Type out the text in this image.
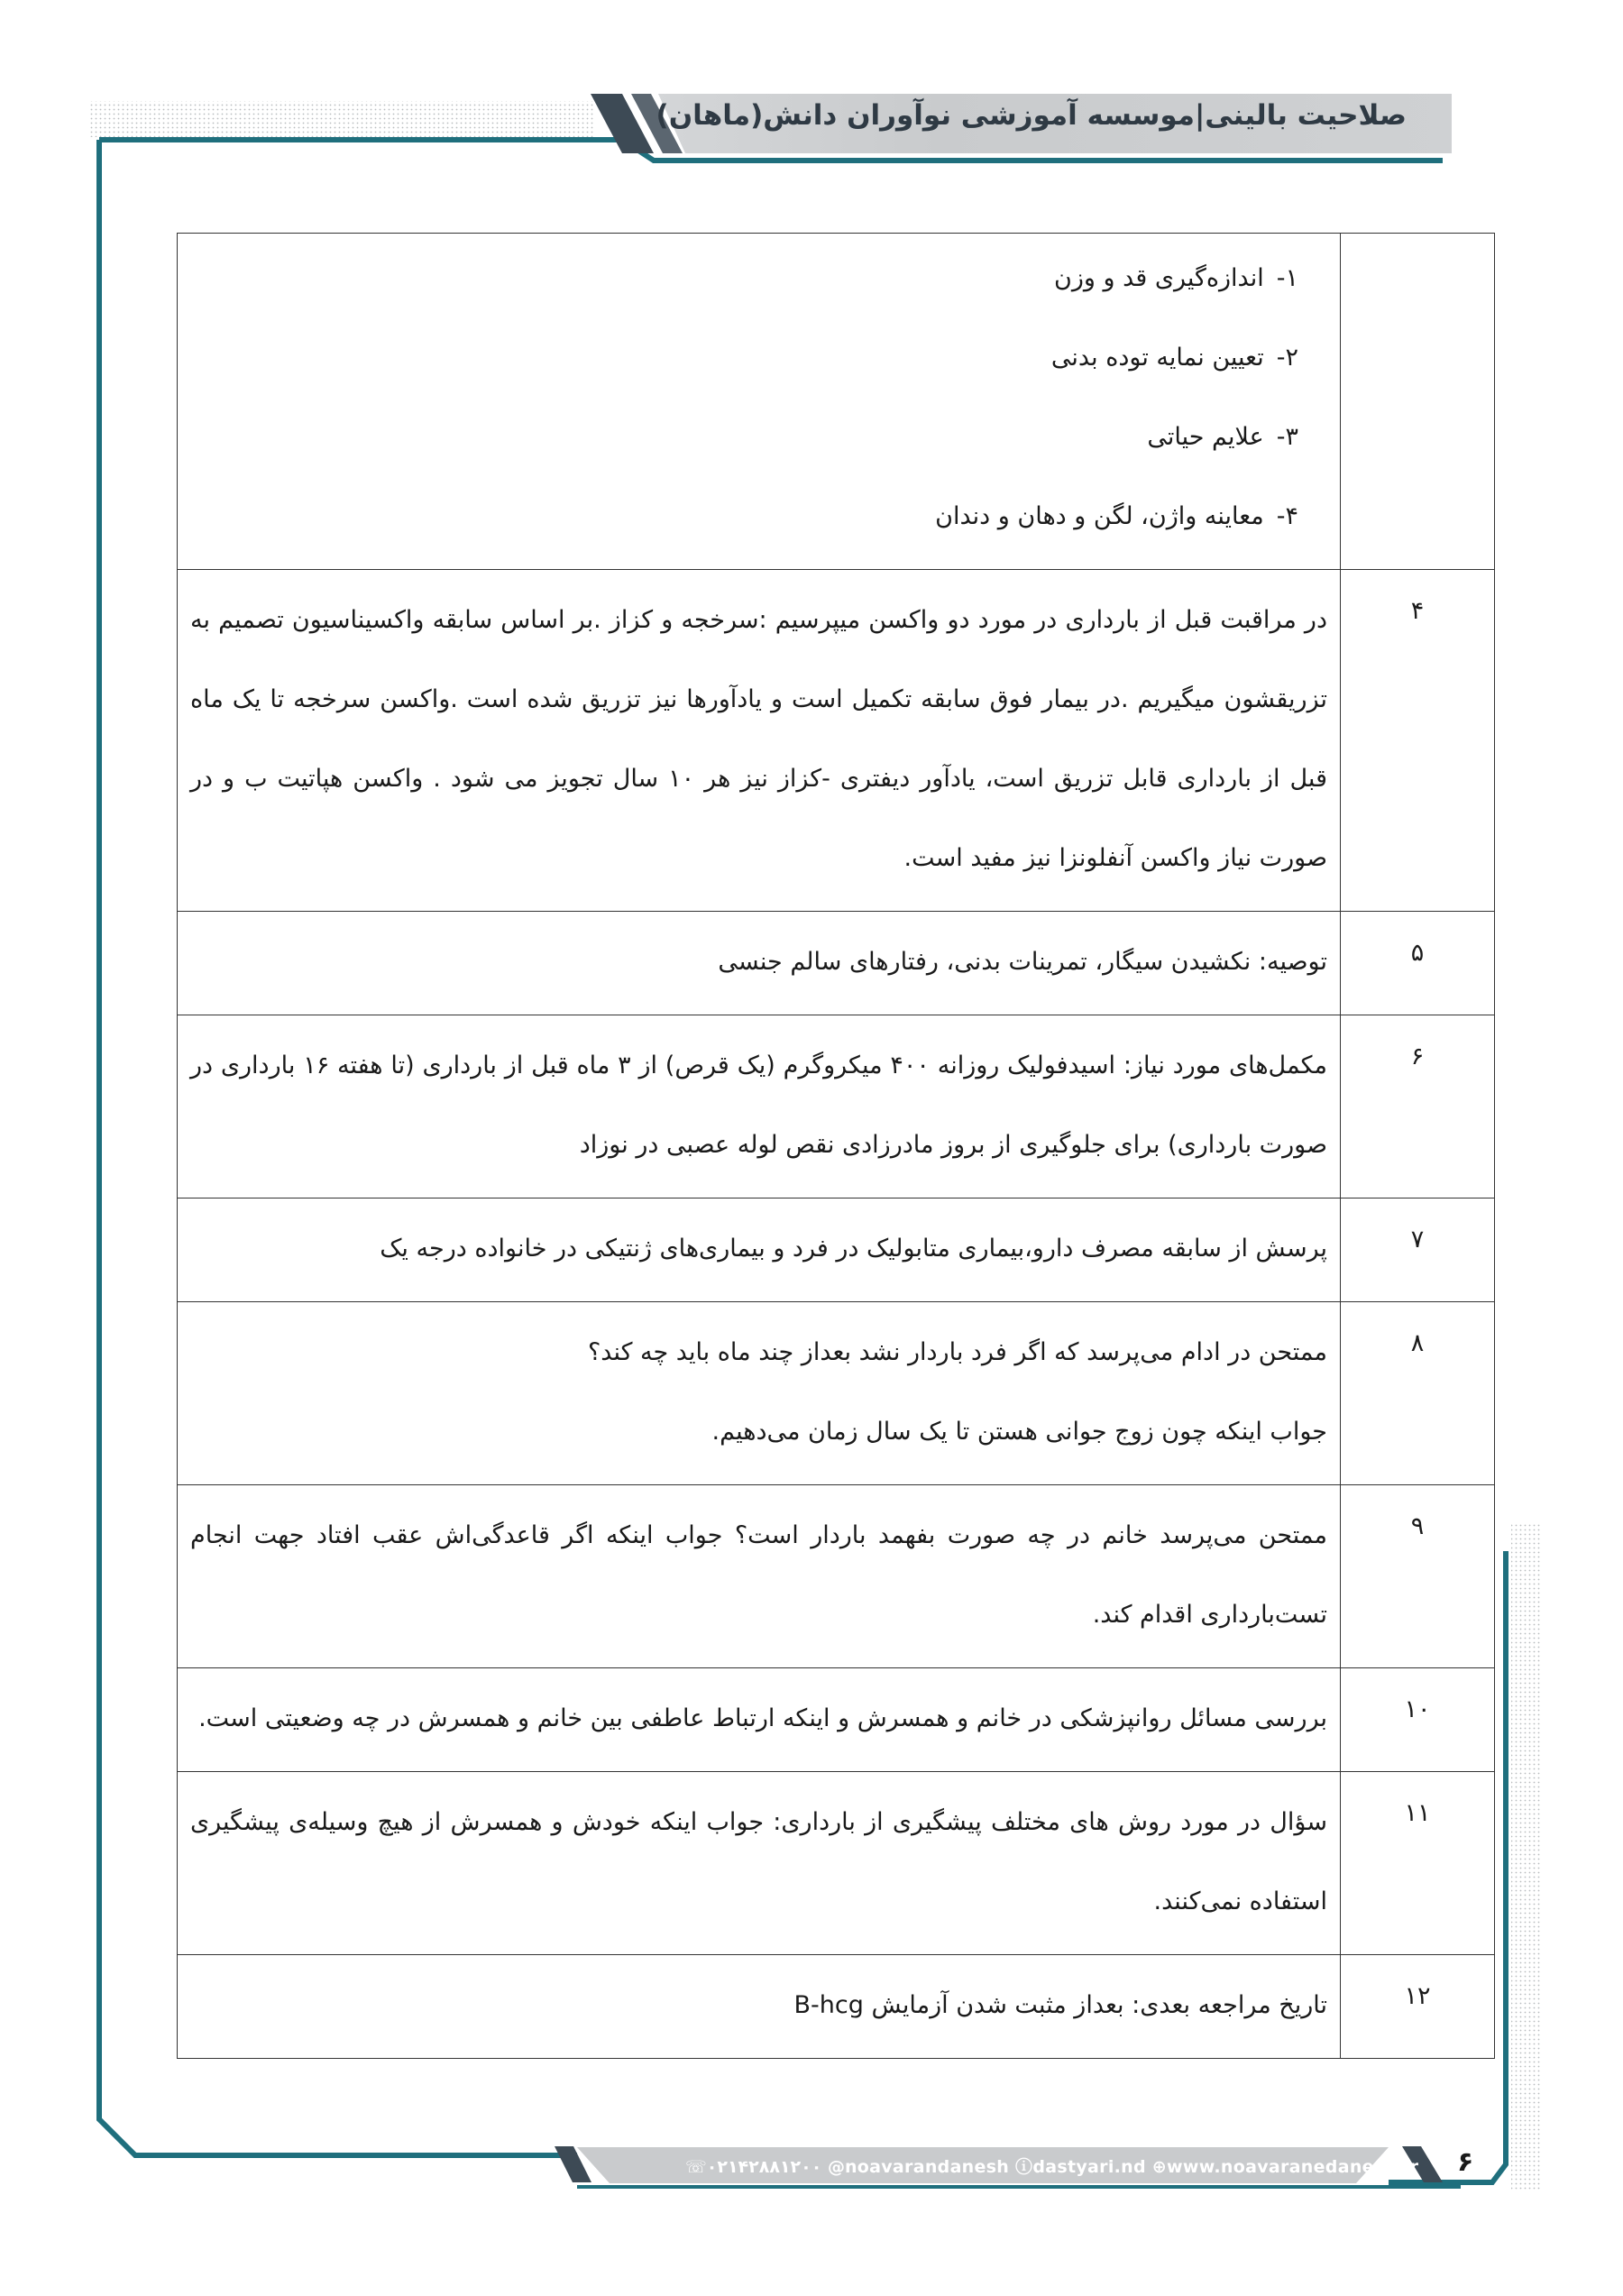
صلاحیت بالینی|موسسه آموزشی نوآوران دانش(ماهان)

	۱-اندازه‌گیری قد و وزن
۲-تعیین نمایه توده بدنی
۳-علایم حیاتی
۴-معاینه واژن، لگن و دهان و دندان

۴	در مراقبت قبل از بارداری در مورد دو واکسن میپرسیم :سرخجه و کزاز .بر اساس سابقه واکسیناسیون تصمیم به تزریقشون میگیریم .در بیمار فوق سابقه تکمیل است و یادآورها نیز تزریق شده است .واکسن سرخجه تا یک ماه قبل از بارداری قابل تزریق است، یادآور دیفتری -کزاز نیز هر ۱۰ سال تجویز می شود . واکسن هپاتیت ب و در صورت نیاز واکسن آنفلونزا نیز مفید است.
۵	توصیه: نکشیدن سیگار، تمرینات بدنی، رفتارهای سالم جنسی
۶	مکمل‌های مورد نیاز: اسیدفولیک روزانه ۴۰۰ میکروگرم (یک قرص) از ۳ ماه قبل از بارداری (تا هفته ۱۶ بارداری در صورت بارداری) برای جلوگیری از بروز مادرزادی نقص لوله عصبی در نوزاد
۷	پرسش از سابقه مصرف دارو،بیماری متابولیک در فرد و بیماری‌های ژنتیکی در خانواده درجه یک
۸	ممتحن در ادام می‌پرسد که اگر فرد باردار نشد بعداز چند ماه باید چه کند؟
جواب اینکه چون زوج جوانی هستن تا یک سال زمان می‌دهیم.

۹	ممتحن می‌پرسد خانم در چه صورت بفهمد باردار است؟ جواب اینکه اگر قاعدگی‌اش عقب افتاد جهت انجام تست‌بارداری اقدام کند.
۱۰	بررسی مسائل روانپزشکی در خانم و همسرش و اینکه ارتباط عاطفی بین خانم و همسرش در چه وضعیتی است.
۱۱	سؤال در مورد روش های مختلف پیشگیری از بارداری: جواب اینکه خودش و همسرش از هیچ وسیله‌ی پیشگیری استفاده نمی‌کنند.
۱۲	تاریخ مراجعه بعدی: بعداز مثبت شدن آزمایش B-hcg
☏۰۲۱۴۲۸۸۱۲۰۰ @noavarandanesh ⓘdastyari.nd ⊕www.noavaranedanesh.ir ۶
